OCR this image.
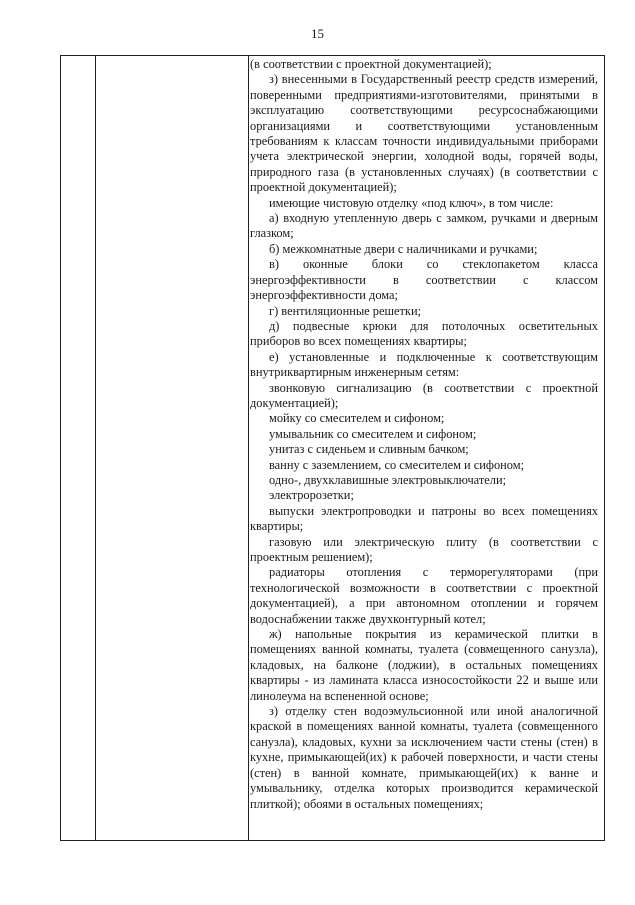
15

(в соответствии с проектной документацией);

з) внесенными в Государственный реестр средств измерений, поверенными предприятиями-изготовителями, принятыми в эксплуатацию соответствующими ресурсоснабжающими организациями и соответствующими установленным требованиям к классам точности индивидуальными приборами учета электрической энергии, холодной воды, горячей воды, природного газа (в установленных случаях) (в соответствии с проектной документацией);

имеющие чистовую отделку «под ключ», в том числе:

а) входную утепленную дверь с замком, ручками и дверным глазком;

б) межкомнатные двери с наличниками и ручками;

в) оконные блоки со стеклопакетом класса энергоэффективности в соответствии с классом энергоэффективности дома;

г) вентиляционные решетки;

д) подвесные крюки для потолочных осветительных приборов во всех помещениях квартиры;

е) установленные и подключенные к соответствующим внутриквартирным инженерным сетям:

звонковую сигнализацию (в соответствии с проектной документацией);

мойку со смесителем и сифоном;

умывальник со смесителем и сифоном;

унитаз с сиденьем и сливным бачком;

ванну с заземлением, со смесителем и сифоном;

одно-, двухклавишные электровыключатели;

электророзетки;

выпуски электропроводки и патроны во всех помещениях квартиры;

газовую или электрическую плиту (в соответствии с проектным решением);

радиаторы отопления с терморегуляторами (при технологической возможности в соответствии с проектной документацией), а при автономном отоплении и горячем водоснабжении также двухконтурный котел;

ж) напольные покрытия из керамической плитки в помещениях ванной комнаты, туалета (совмещенного санузла), кладовых, на балконе (лоджии), в остальных помещениях квартиры - из ламината класса износостойкости 22 и выше или линолеума на вспененной основе;

з) отделку стен водоэмульсионной или иной аналогичной краской в помещениях ванной комнаты, туалета (совмещенного санузла), кладовых, кухни за исключением части стены (стен) в кухне, примыкающей(их) к рабочей поверхности, и части стены (стен) в ванной комнате, примыкающей(их) к ванне и умывальнику, отделка которых производится керамической плиткой); обоями в остальных помещениях;
